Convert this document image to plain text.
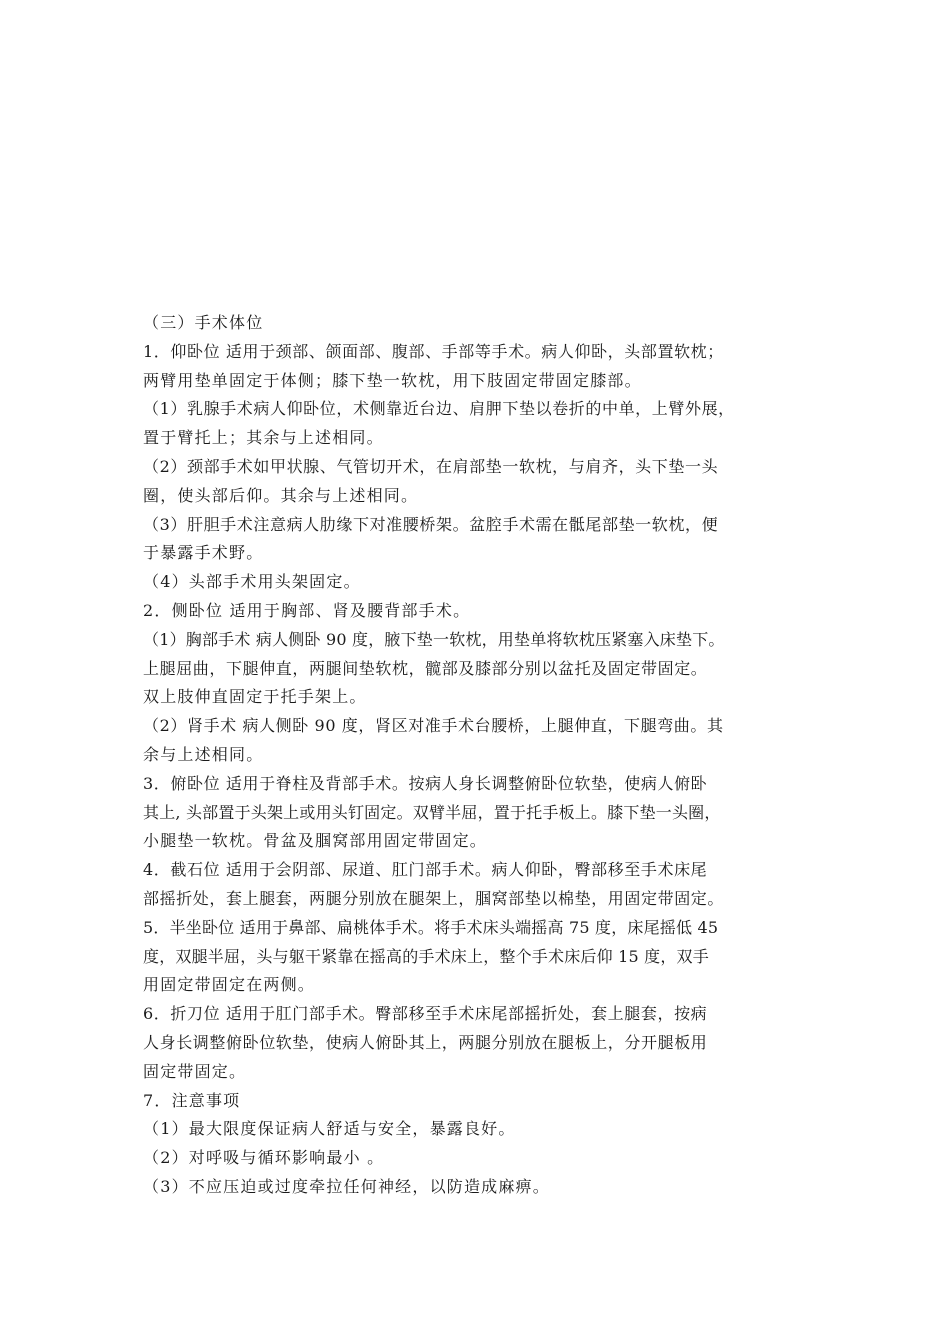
（三）手术体位
1．仰卧位 适用于颈部、颌面部、腹部、手部等手术。病人仰卧，头部置软枕；
两臂用垫单固定于体侧；膝下垫一软枕，用下肢固定带固定膝部。
（1）乳腺手术病人仰卧位，术侧靠近台边、肩胛下垫以卷折的中单，上臂外展，
置于臂托上；其余与上述相同。
（2）颈部手术如甲状腺、气管切开术，在肩部垫一软枕，与肩齐，头下垫一头
圈，使头部后仰。其余与上述相同。
（3）肝胆手术注意病人肋缘下对准腰桥架。盆腔手术需在骶尾部垫一软枕，便
于暴露手术野。
（4）头部手术用头架固定。
2．侧卧位 适用于胸部、肾及腰背部手术。
（1）胸部手术 病人侧卧 90 度，腋下垫一软枕，用垫单将软枕压紧塞入床垫下。
上腿屈曲，下腿伸直，两腿间垫软枕，髋部及膝部分别以盆托及固定带固定。
双上肢伸直固定于托手架上。
（2）肾手术 病人侧卧 90 度，肾区对准手术台腰桥，上腿伸直，下腿弯曲。其
余与上述相同。
3．俯卧位 适用于脊柱及背部手术。按病人身长调整俯卧位软垫，使病人俯卧
其上, 头部置于头架上或用头钉固定。双臂半屈，置于托手板上。膝下垫一头圈，
小腿垫一软枕。骨盆及腘窝部用固定带固定。
4．截石位 适用于会阴部、尿道、肛门部手术。病人仰卧，臀部移至手术床尾
部摇折处，套上腿套，两腿分别放在腿架上，腘窝部垫以棉垫，用固定带固定。
5．半坐卧位 适用于鼻部、扁桃体手术。将手术床头端摇高 75 度，床尾摇低 45
度，双腿半屈，头与躯干紧靠在摇高的手术床上，整个手术床后仰 15 度，双手
用固定带固定在两侧。
6．折刀位 适用于肛门部手术。臀部移至手术床尾部摇折处，套上腿套，按病
人身长调整俯卧位软垫，使病人俯卧其上，两腿分别放在腿板上，分开腿板用
固定带固定。
7．注意事项
（1）最大限度保证病人舒适与安全，暴露良好。
（2）对呼吸与循环影响最小 。
（3）不应压迫或过度牵拉任何神经，以防造成麻痹。
